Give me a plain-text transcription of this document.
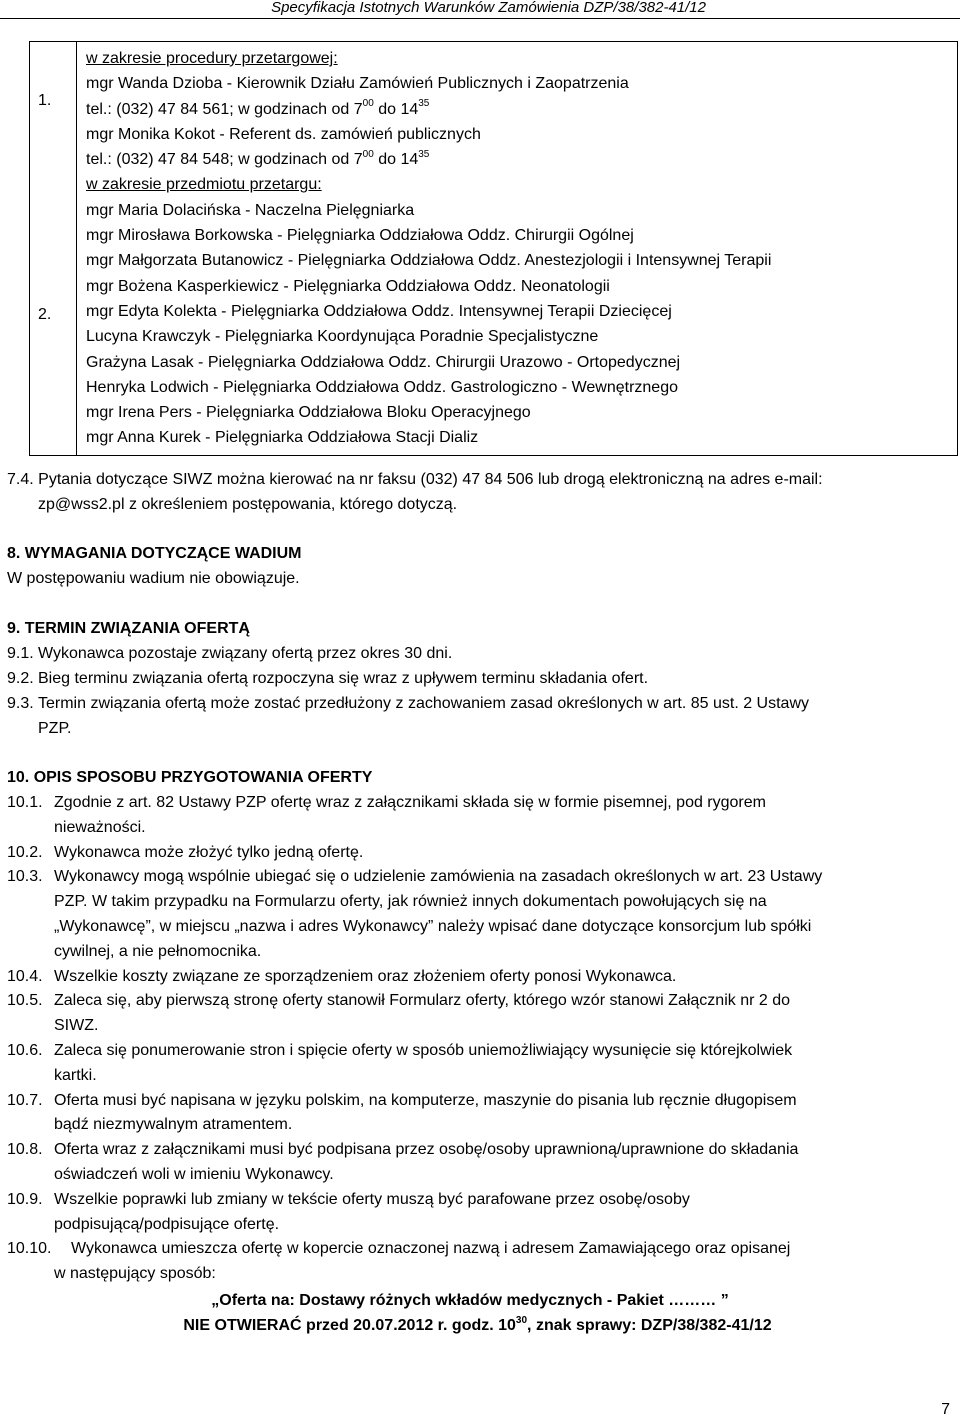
Specyfikacja Istotnych Warunków Zamówienia DZP/38/382-41/12
1.
2.
w zakresie procedury przetargowej:
mgr Wanda Dzioba - Kierownik Działu Zamówień Publicznych i Zaopatrzenia
tel.: (032) 47 84 561; w godzinach od $7^{00}$ do $14^{35}$
mgr Monika Kokot - Referent ds. zamówień publicznych
tel.: (032) 47 84 548; w godzinach od $7^{00}$ do $14^{35}$
w zakresie przedmiotu przetargu:
mgr Maria Dolacińska - Naczelna Pielęgniarka
mgr Mirosława Borkowska - Pielęgniarka Oddziałowa Oddz. Chirurgii Ogólnej
mgr Małgorzata Butanowicz - Pielęgniarka Oddziałowa Oddz. Anestezjologii i Intensywnej Terapii
mgr Bożena Kasperkiewicz - Pielęgniarka Oddziałowa Oddz. Neonatologii
mgr Edyta Kolekta - Pielęgniarka Oddziałowa Oddz. Intensywnej Terapii Dziecięcej
Lucyna Krawczyk - Pielęgniarka Koordynująca Poradnie Specjalistyczne
Grażyna Lasak - Pielęgniarka Oddziałowa Oddz. Chirurgii Urazowo - Ortopedycznej
Henryka Lodwich - Pielęgniarka Oddziałowa Oddz. Gastrologiczno - Wewnętrznego
mgr Irena Pers - Pielęgniarka Oddziałowa Bloku Operacyjnego
mgr Anna Kurek - Pielęgniarka Oddziałowa Stacji Dializ
7.4. Pytania dotyczące SIWZ można kierować na nr faksu (032) 47 84 506 lub drogą elektroniczną na adres e-mail:
zp@wss2.pl z określeniem postępowania, którego dotyczą.
8. WYMAGANIA DOTYCZĄCE WADIUM
W postępowaniu wadium nie obowiązuje.
9. TERMIN ZWIĄZANIA OFERTĄ
9.1. Wykonawca pozostaje związany ofertą przez okres 30 dni.
9.2. Bieg terminu związania ofertą rozpoczyna się wraz z upływem terminu składania ofert.
9.3. Termin związania ofertą może zostać przedłużony z zachowaniem zasad określonych w art. 85 ust. 2 Ustawy
PZP.
10. OPIS SPOSOBU PRZYGOTOWANIA OFERTY
10.1. Zgodnie z art. 82 Ustawy PZP ofertę wraz z załącznikami składa się w formie pisemnej, pod rygorem
nieważności.
10.2. Wykonawca może złożyć tylko jedną ofertę.
10.3. Wykonawcy mogą wspólnie ubiegać się o udzielenie zamówienia na zasadach określonych w art. 23 Ustawy
PZP. W takim przypadku na Formularzu oferty, jak również innych dokumentach powołujących się na
„Wykonawcę”, w miejscu „nazwa i adres Wykonawcy” należy wpisać dane dotyczące konsorcjum lub spółki
cywilnej, a nie pełnomocnika.
10.4. Wszelkie koszty związane ze sporządzeniem oraz złożeniem oferty ponosi Wykonawca.
10.5. Zaleca się, aby pierwszą stronę oferty stanowił Formularz oferty, którego wzór stanowi Załącznik nr 2 do
SIWZ.
10.6. Zaleca się ponumerowanie stron i spięcie oferty w sposób uniemożliwiający wysunięcie się którejkolwiek
kartki.
10.7. Oferta musi być napisana w języku polskim, na komputerze, maszynie do pisania lub ręcznie długopisem
bądź niezmywalnym atramentem.
10.8. Oferta wraz z załącznikami musi być podpisana przez osobę/osoby uprawnioną/uprawnione do składania
oświadczeń woli w imieniu Wykonawcy.
10.9. Wszelkie poprawki lub zmiany w tekście oferty muszą być parafowane przez osobę/osoby
podpisującą/podpisujące ofertę.
10.10. Wykonawca umieszcza ofertę w kopercie oznaczonej nazwą i adresem Zamawiającego oraz opisanej
w następujący sposób:
„Oferta na: Dostawy różnych wkładów medycznych - Pakiet ……… ”
NIE OTWIERAĆ przed 20.07.2012 r. godz. $10^{30}$, znak sprawy: DZP/38/382-41/12
7
